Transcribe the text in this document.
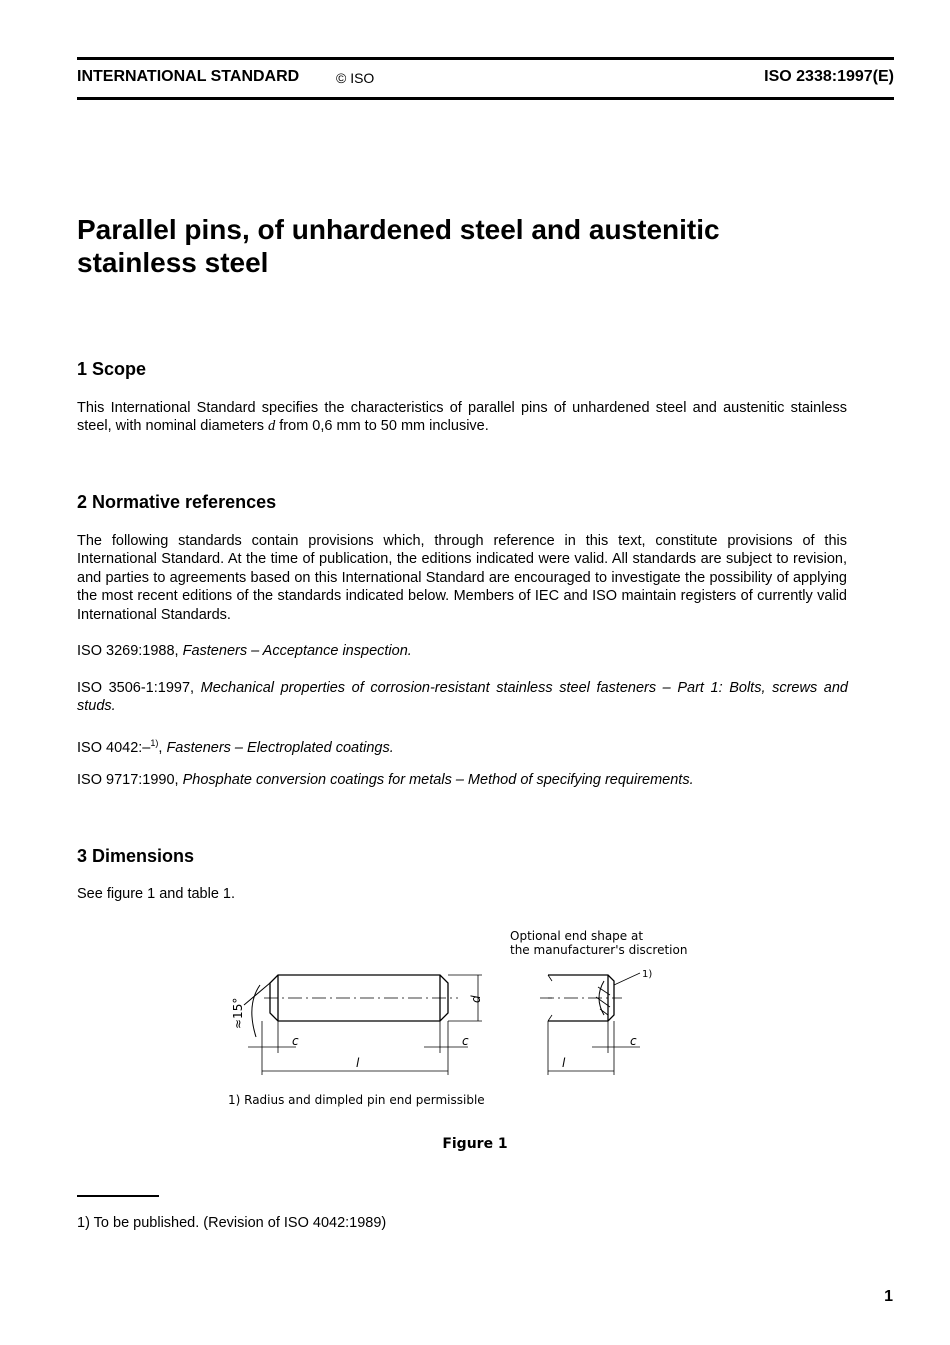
INTERNATIONAL STANDARD	© ISO	ISO 2338:1997(E)
Parallel pins, of unhardened steel and austenitic
stainless steel
1 Scope
This International Standard specifies the characteristics of parallel pins of unhardened steel and austenitic stainless steel, with nominal diameters d from 0,6 mm to 50 mm inclusive.
2 Normative references
The following standards contain provisions which, through reference in this text, constitute provisions of this International Standard. At the time of publication, the editions indicated were valid. All standards are subject to revision, and parties to agreements based on this International Standard are encouraged to investigate the possibility of applying the most recent editions of the standards indicated below. Members of IEC and ISO maintain registers of currently valid International Standards.
ISO 3269:1988, Fasteners – Acceptance inspection.
ISO 3506-1:1997, Mechanical properties of corrosion-resistant stainless steel fasteners – Part 1: Bolts, screws and studs.
ISO 4042:–$^{1)}$, Fasteners – Electroplated coatings.
ISO 9717:1990, Phosphate conversion coatings for metals – Method of specifying requirements.
3 Dimensions
See figure 1 and table 1.
Optional end shape at
the manufacturer's discretion
1)
≈15°	d
c	c
l
c
l
1) Radius and dimpled pin end permissible
Figure 1
1) To be published. (Revision of ISO 4042:1989)
1
